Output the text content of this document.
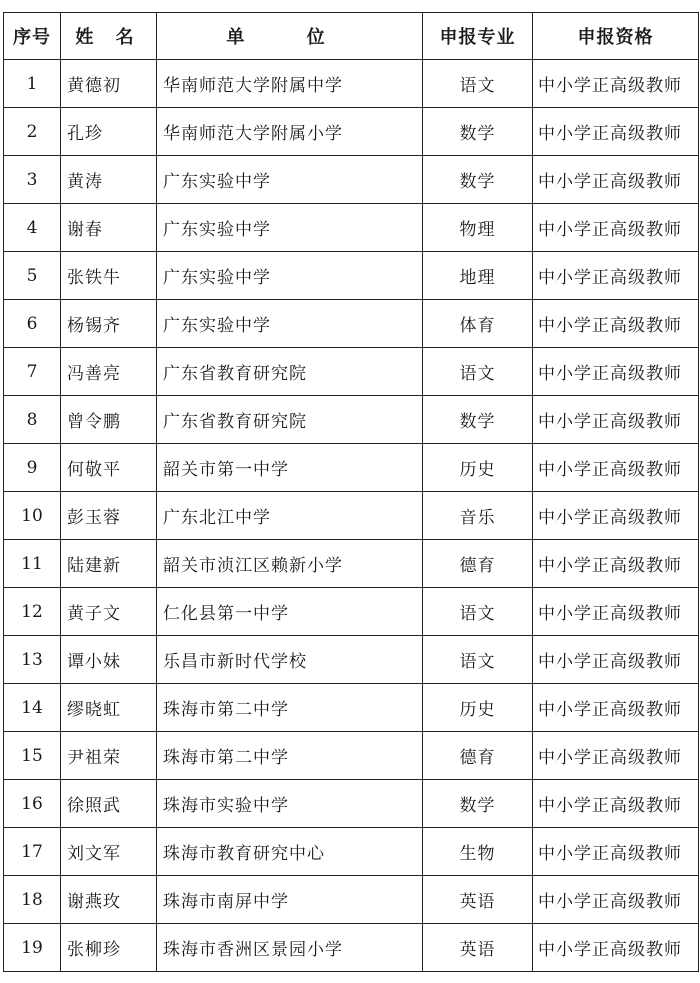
序号	姓 名	单 位	申报专业	申报资格
1	黄德初	华南师范大学附属中学	语文	中小学正高级教师
2	孔珍	华南师范大学附属小学	数学	中小学正高级教师
3	黄涛	广东实验中学	数学	中小学正高级教师
4	谢春	广东实验中学	物理	中小学正高级教师
5	张铁牛	广东实验中学	地理	中小学正高级教师
6	杨锡齐	广东实验中学	体育	中小学正高级教师
7	冯善亮	广东省教育研究院	语文	中小学正高级教师
8	曾令鹏	广东省教育研究院	数学	中小学正高级教师
9	何敬平	韶关市第一中学	历史	中小学正高级教师
10	彭玉蓉	广东北江中学	音乐	中小学正高级教师
11	陆建新	韶关市浈江区赖新小学	德育	中小学正高级教师
12	黄子文	仁化县第一中学	语文	中小学正高级教师
13	谭小妹	乐昌市新时代学校	语文	中小学正高级教师
14	缪晓虹	珠海市第二中学	历史	中小学正高级教师
15	尹祖荣	珠海市第二中学	德育	中小学正高级教师
16	徐照武	珠海市实验中学	数学	中小学正高级教师
17	刘文军	珠海市教育研究中心	生物	中小学正高级教师
18	谢燕玫	珠海市南屏中学	英语	中小学正高级教师
19	张柳珍	珠海市香洲区景园小学	英语	中小学正高级教师
